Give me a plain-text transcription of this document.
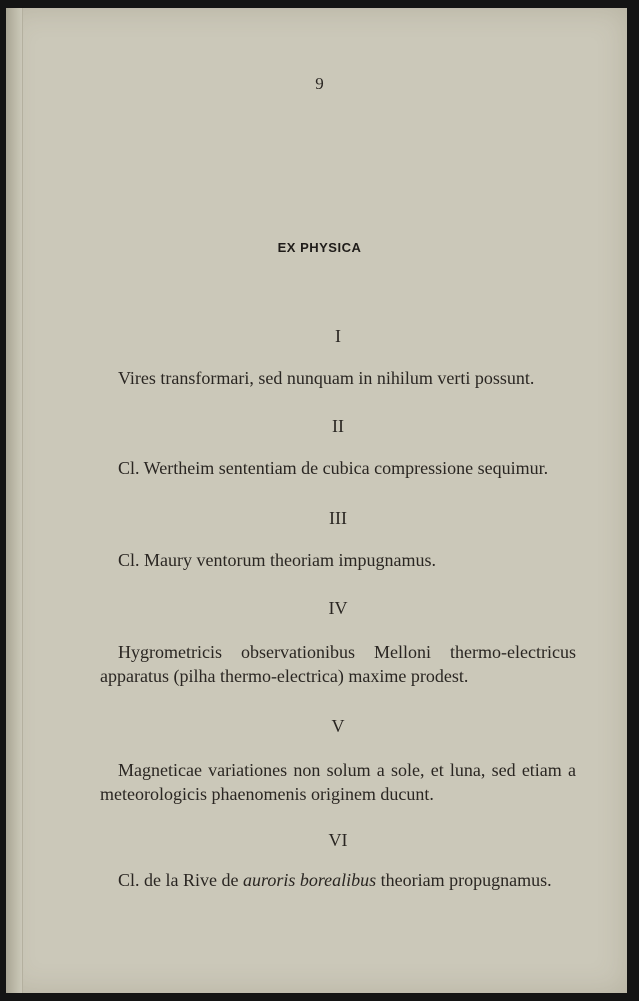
9
EX PHYSICA
I
Vires transformari, sed nunquam in nihilum verti possunt.
II
Cl. Wertheim sententiam de cubica compressione sequimur.
III
Cl. Maury ventorum theoriam impugnamus.
IV
Hygrometricis observationibus Melloni thermo-electricus apparatus (pilha thermo-electrica) maxime prodest.
V
Magneticae variationes non solum a sole, et luna, sed etiam a meteorologicis phaenomenis originem ducunt.
VI
Cl. de la Rive de auroris borealibus theoriam propugnamus.
